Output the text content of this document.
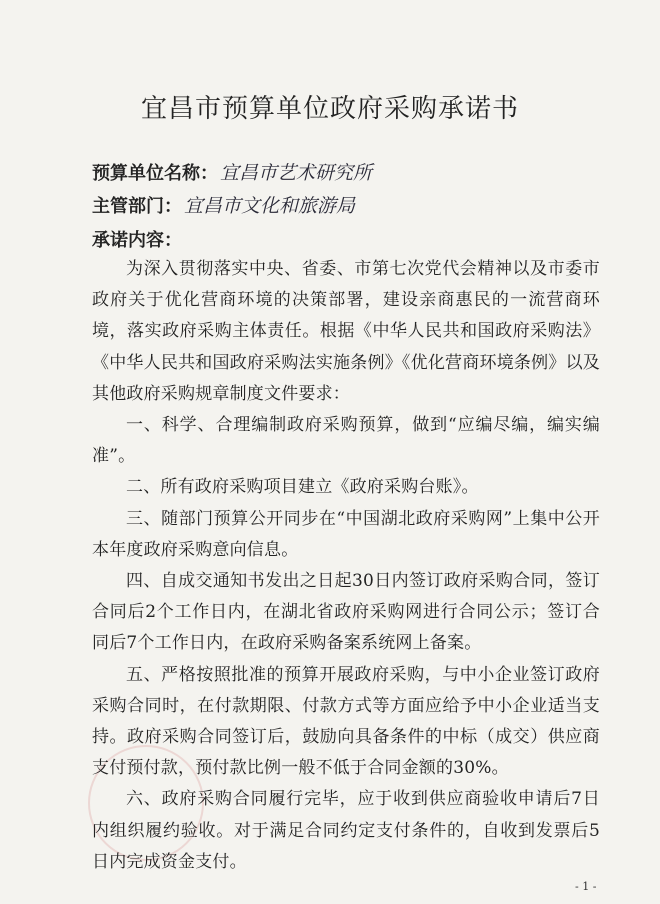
宜昌市预算单位政府采购承诺书
预算单位名称： 宜昌市艺术研究所
主管部门： 宜昌市文化和旅游局
承诺内容：

为深入贯彻落实中央、省委、市第七次党代会精神以及市委市政府关于优化营商环境的决策部署，建设亲商惠民的一流营商环境，落实政府采购主体责任。根据《中华人民共和国政府采购法》《中华人民共和国政府采购法实施条例》《优化营商环境条例》以及其他政府采购规章制度文件要求：

一、科学、合理编制政府采购预算，做到“应编尽编，编实编准”。

二、所有政府采购项目建立《政府采购台账》。

三、随部门预算公开同步在“中国湖北政府采购网”上集中公开本年度政府采购意向信息。

四、自成交通知书发出之日起30日内签订政府采购合同，签订合同后2个工作日内，在湖北省政府采购网进行合同公示；签订合同后7个工作日内，在政府采购备案系统网上备案。

五、严格按照批准的预算开展政府采购，与中小企业签订政府采购合同时，在付款期限、付款方式等方面应给予中小企业适当支持。政府采购合同签订后，鼓励向具备条件的中标（成交）供应商支付预付款，预付款比例一般不低于合同金额的30%。

六、政府采购合同履行完毕，应于收到供应商验收申请后7日内组织履约验收。对于满足合同约定支付条件的，自收到发票后5日内完成资金支付。

- 1 -
